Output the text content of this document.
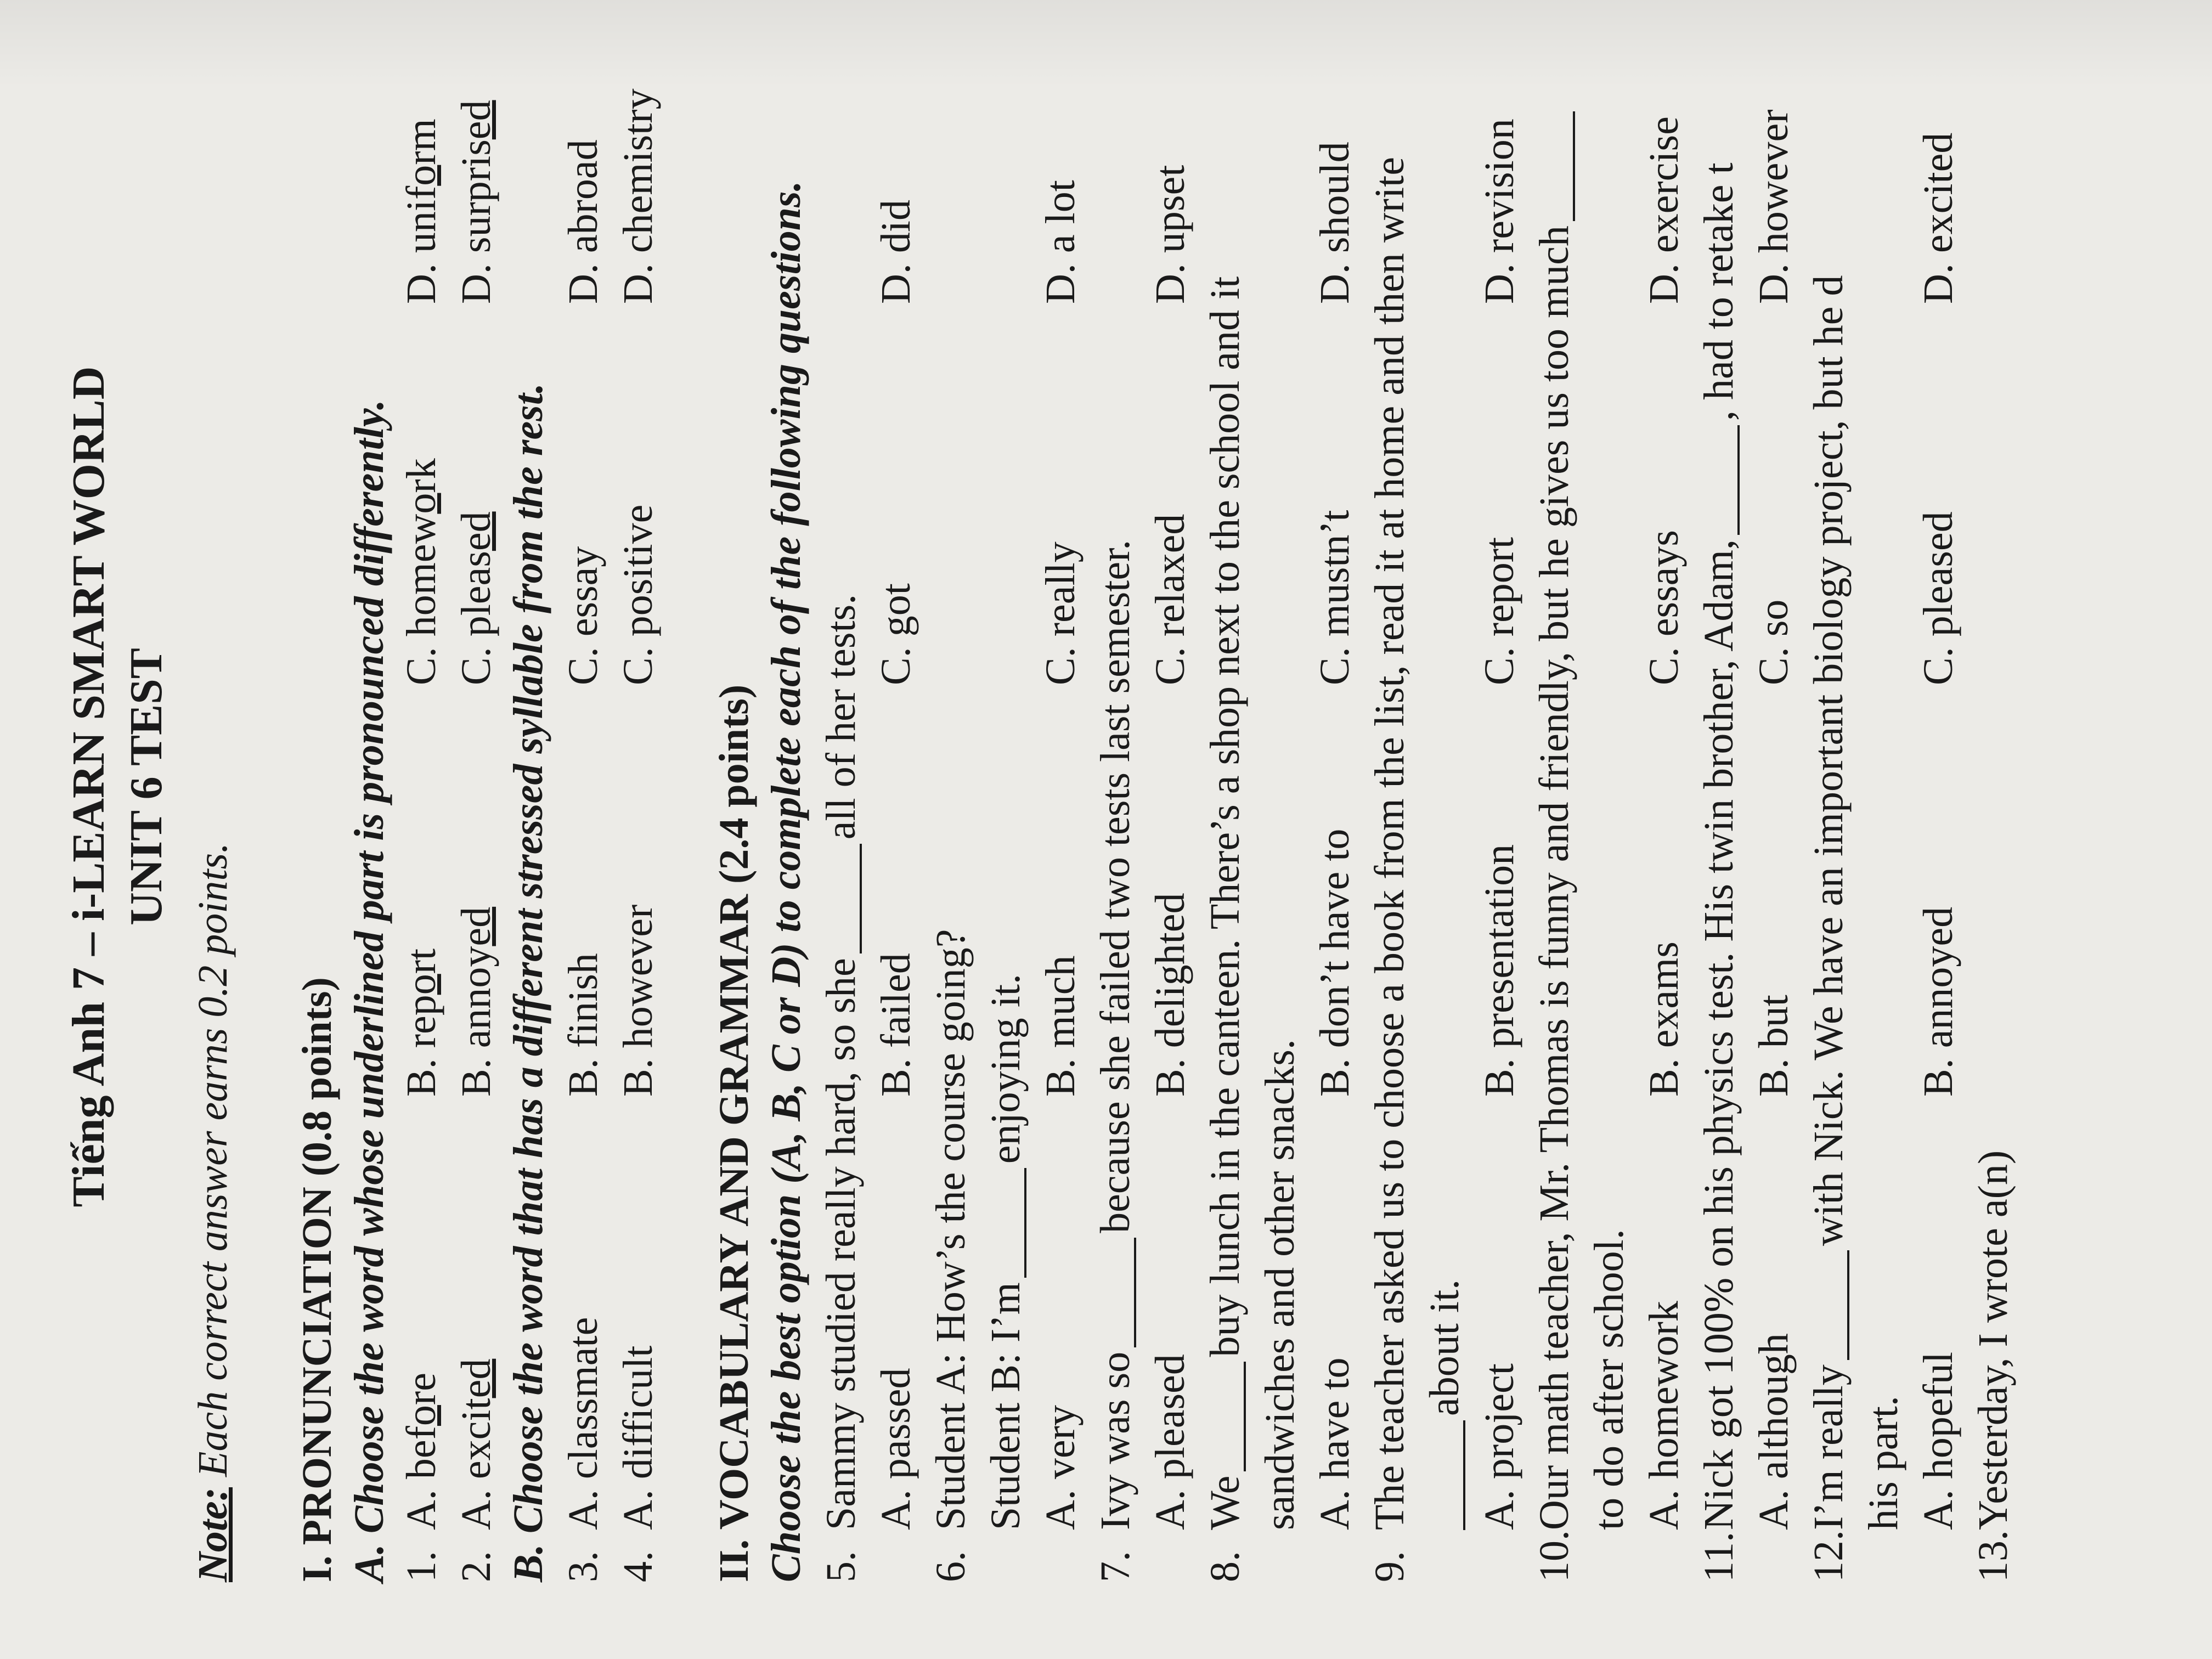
Tiếng Anh 7 – i-LEARN SMART WORLD UNIT 6 TEST
Note: Each correct answer earns 0.2 points. I. PRONUNCIATION (0.8 points) A. Choose the word whose underlined part is pronounced differently.
1.
A. before
B. report
C. homework
D. uniform
2.
A. excited
B. annoyed
C. pleased
D. surprised
B. Choose the word that has a different stressed syllable from the rest.
3.
A. classmate
B. finish
C. essay
D. abroad
4.
A. difficult
B. however
C. positive
D. chemistry
II. VOCABULARY AND GRAMMAR (2.4 points) Choose the best option (A, B, C or D) to complete each of the following questions. 5.
Sammy studied really hard, so sheall of her tests.
A. passed
B. failed
C. got
D. did
6.
Student A: How’s the course going? Student B: I’menjoying it.
A. very
B. much
C. really
D. a lot
7.
Ivy was sobecause she failed two tests last semester.
A. pleased
B. delighted
C. relaxed
D. upset
8.
Webuy lunch in the canteen. There’s a shop next to the school and it sandwiches and other snacks. A. have to
B. don’t have to
C. mustn’t
D. should
9.
The teacher asked us to choose a book from the list, read it at home and then write about it.
A. project
B. presentation
C. report
D. revision
10.
Our math teacher, Mr. Thomas is funny and friendly, but he gives us too much to do after school. A. homework
B. exams
C. essays
D. exercise
11.
Nick got 100% on his physics test. His twin brother, Adam,, had to retake t
A. although
B. but
C. so
D. however
12.
I’m reallywith Nick. We have an important biology project, but he d
his part. A. hopeful
B. annoyed
C. pleased
D. excited
13.
Yesterday, I wrote a(n)
